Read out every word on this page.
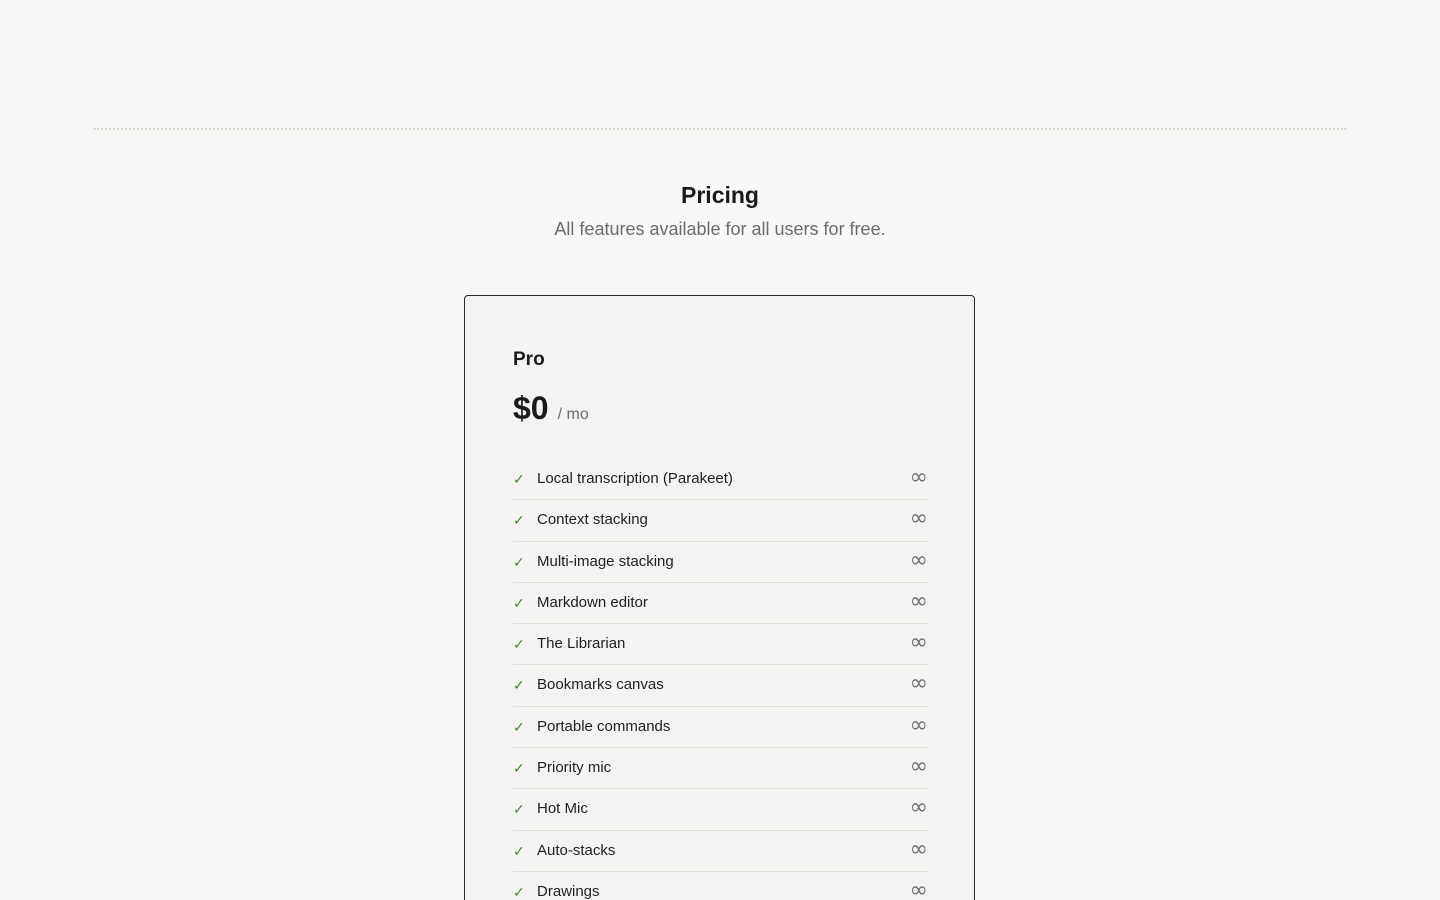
Pricing

All features available for all users for free.

Pro
$0 / mo
✓ Local transcription (Parakeet)	∞
✓ Context stacking	∞
✓ Multi-image stacking	∞
✓ Markdown editor	∞
✓ The Librarian	∞
✓ Bookmarks canvas	∞
✓ Portable commands	∞
✓ Priority mic	∞
✓ Hot Mic	∞
✓ Auto-stacks	∞
✓ Drawings	∞
